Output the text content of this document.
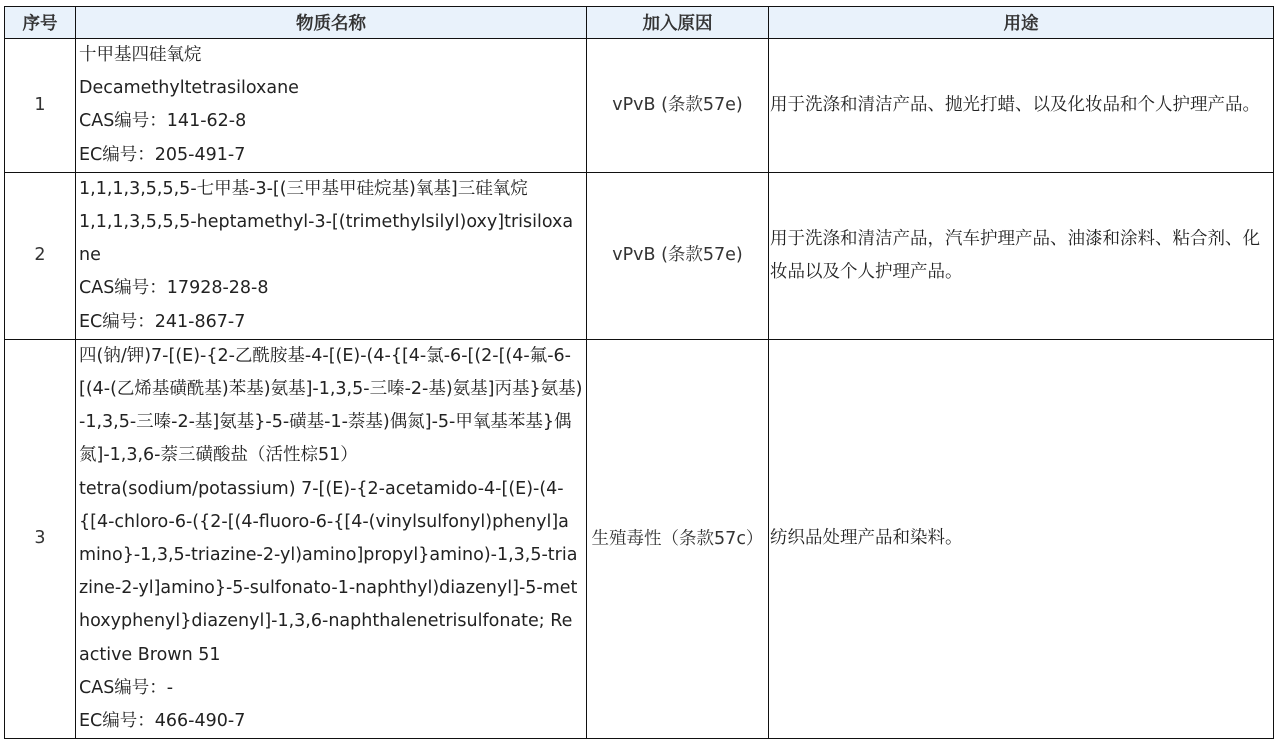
序号	物质名称	加入原因	用途
1	十甲基四硅氧烷
Decamethyltetrasiloxane
CAS编号：141-62-8
EC编号：205-491-7	vPvB (条款57e)	用于洗涤和清洁产品、抛光打蜡、以及化妆品和个人护理产品。
2	1,1,1,3,5,5,5-七甲基-3-[(三甲基甲硅烷基)氧基]三硅氧烷
1,1,1,3,5,5,5-heptamethyl-3-[(trimethylsilyl)oxy]trisiloxane
CAS编号：17928-28-8
EC编号：241-867-7	vPvB (条款57e)	用于洗涤和清洁产品，汽车护理产品、油漆和涂料、粘合剂、化妆品以及个人护理产品。
3	四(钠/钾)7-[(E)-{2-乙酰胺基-4-[(E)-(4-{[4-氯-6-[(2-[(4-氟-6-[(4-(乙烯基磺酰基)苯基)氨基]-1,3,5-三嗪-2-基)氨基]丙基}氨基)-1,3,5-三嗪-2-基]氨基}-5-磺基-1-萘基)偶氮]-5-甲氧基苯基}偶氮]-1,3,6-萘三磺酸盐（活性棕51）
tetra(sodium/potassium) 7-[(E)-{2-acetamido-4-[(E)-(4-{[4-chloro-6-({2-[(4-fluoro-6-{[4-(vinylsulfonyl)phenyl]amino}-1,3,5-triazine-2-yl)amino]propyl}amino)-1,3,5-triazine-2-yl]amino}-5-sulfonato-1-naphthyl)diazenyl]-5-methoxyphenyl}diazenyl]-1,3,6-naphthalenetrisulfonate; Reactive Brown 51
CAS编号：-
EC编号：466-490-7	生殖毒性（条款57c）	纺织品处理产品和染料。
